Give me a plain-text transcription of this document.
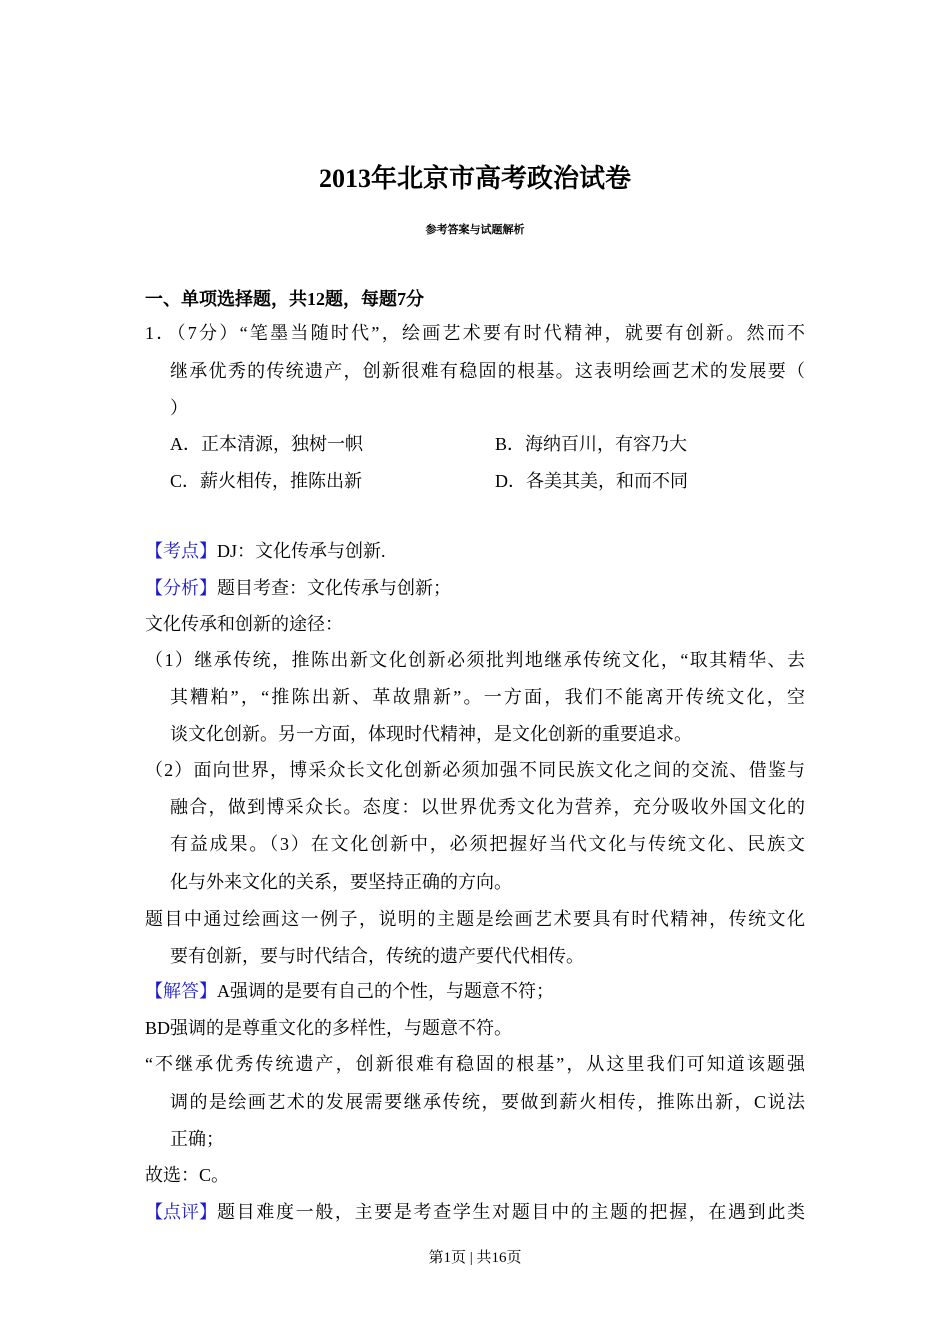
2013年北京市高考政治试卷
参考答案与试题解析
一、单项选择题，共12题，每题7分
1．（7分）“笔墨当随时代”，绘画艺术要有时代精神，就要有创新。然而不
继承优秀的传统遗产，创新很难有稳固的根基。这表明绘画艺术的发展要（
）
A．正本清源，独树一帜	B．海纳百川，有容乃大
C．薪火相传，推陈出新	D．各美其美，和而不同
【考点】DJ：文化传承与创新.
【分析】题目考查：文化传承与创新；
文化传承和创新的途径：
（1）继承传统，推陈出新文化创新必须批判地继承传统文化，“取其精华、去
其糟粕”，“推陈出新、革故鼎新”。一方面，我们不能离开传统文化，空
谈文化创新。另一方面，体现时代精神，是文化创新的重要追求。
（2）面向世界，博采众长文化创新必须加强不同民族文化之间的交流、借鉴与
融合，做到博采众长。态度：以世界优秀文化为营养，充分吸收外国文化的
有益成果。（3）在文化创新中，必须把握好当代文化与传统文化、民族文
化与外来文化的关系，要坚持正确的方向。
题目中通过绘画这一例子，说明的主题是绘画艺术要具有时代精神，传统文化
要有创新，要与时代结合，传统的遗产要代代相传。
【解答】A强调的是要有自己的个性，与题意不符；
BD强调的是尊重文化的多样性，与题意不符。
“不继承优秀传统遗产，创新很难有稳固的根基”，从这里我们可知道该题强
调的是绘画艺术的发展需要继承传统，要做到薪火相传，推陈出新，C说法
正确；
故选：C。
【点评】 题目难度一般，主要是考查学生对题目中的主题的把握，在遇到此类
第1页 | 共16页
